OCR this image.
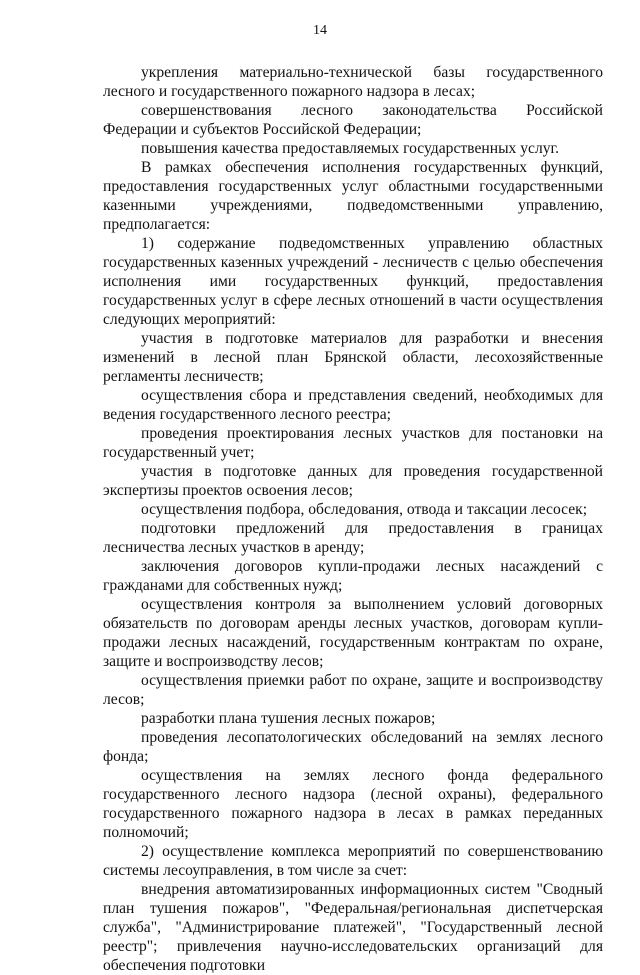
14

укрепления материально-технической базы государственного лесного и государственного пожарного надзора в лесах;

совершенствования лесного законодательства Российской Федерации и субъектов Российской Федерации;

повышения качества предоставляемых государственных услуг.

В рамках обеспечения исполнения государственных функций, предоставления государственных услуг областными государственными казенными учреждениями, подведомственными управлению, предполагается:

1) содержание подведомственных управлению областных государственных казенных учреждений - лесничеств с целью обеспечения исполнения ими государственных функций, предоставления государственных услуг в сфере лесных отношений в части осуществления следующих мероприятий:

участия в подготовке материалов для разработки и внесения изменений в лесной план Брянской области, лесохозяйственные регламенты лесничеств;

осуществления сбора и представления сведений, необходимых для ведения государственного лесного реестра;

проведения проектирования лесных участков для постановки на государственный учет;

участия в подготовке данных для проведения государственной экспертизы проектов освоения лесов;

осуществления подбора, обследования, отвода и таксации лесосек;

подготовки предложений для предоставления в границах лесничества лесных участков в аренду;

заключения договоров купли-продажи лесных насаждений с гражданами для собственных нужд;

осуществления контроля за выполнением условий договорных обязательств по договорам аренды лесных участков, договорам купли-продажи лесных насаждений, государственным контрактам по охране, защите и воспроизводству лесов;

осуществления приемки работ по охране, защите и воспроизводству лесов;

разработки плана тушения лесных пожаров;

проведения лесопатологических обследований на землях лесного фонда;

осуществления на землях лесного фонда федерального государственного лесного надзора (лесной охраны), федерального государственного пожарного надзора в лесах в рамках переданных полномочий;

2) осуществление комплекса мероприятий по совершенствованию системы лесоуправления, в том числе за счет:

внедрения автоматизированных информационных систем "Сводный план тушения пожаров", "Федеральная/региональная диспетчерская служба", "Администрирование платежей", "Государственный лесной реестр"; привлечения научно-исследовательских организаций для обеспечения подготовки
